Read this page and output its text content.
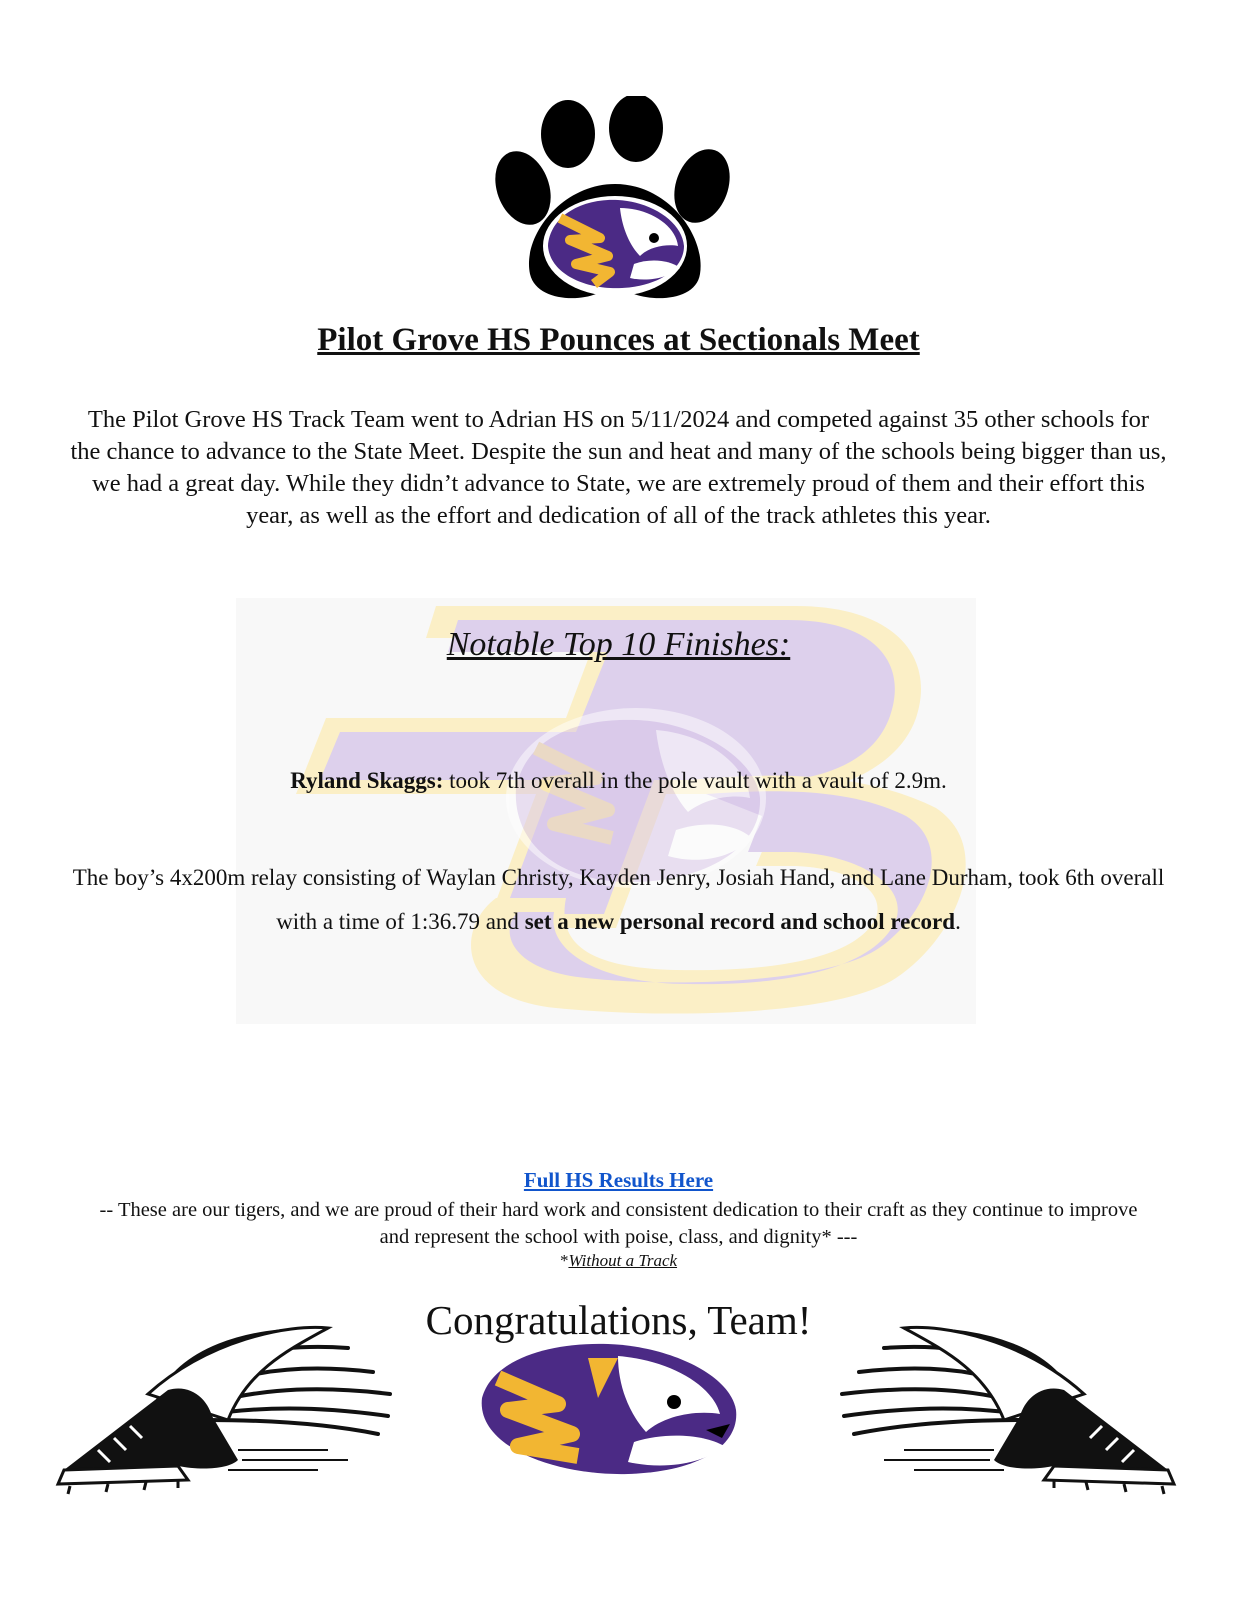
Pilot Grove HS Pounces at Sectionals Meet
The Pilot Grove HS Track Team went to Adrian HS on 5/11/2024 and competed against 35 other schools for the chance to advance to the State Meet. Despite the sun and heat and many of the schools being bigger than us, we had a great day. While they didn’t advance to State, we are extremely proud of them and their effort this year, as well as the effort and dedication of all of the track athletes this year.
Notable Top 10 Finishes:
Ryland Skaggs: took 7th overall in the pole vault with a vault of 2.9m.
The boy’s 4x200m relay consisting of Waylan Christy, Kayden Jenry, Josiah Hand, and Lane Durham, took 6th overall with a time of 1:36.79 and set a new personal record and school record.
Full HS Results Here
-- These are our tigers, and we are proud of their hard work and consistent dedication to their craft as they continue to improve and represent the school with poise, class, and dignity* ---
*Without a Track
Congratulations, Team!
